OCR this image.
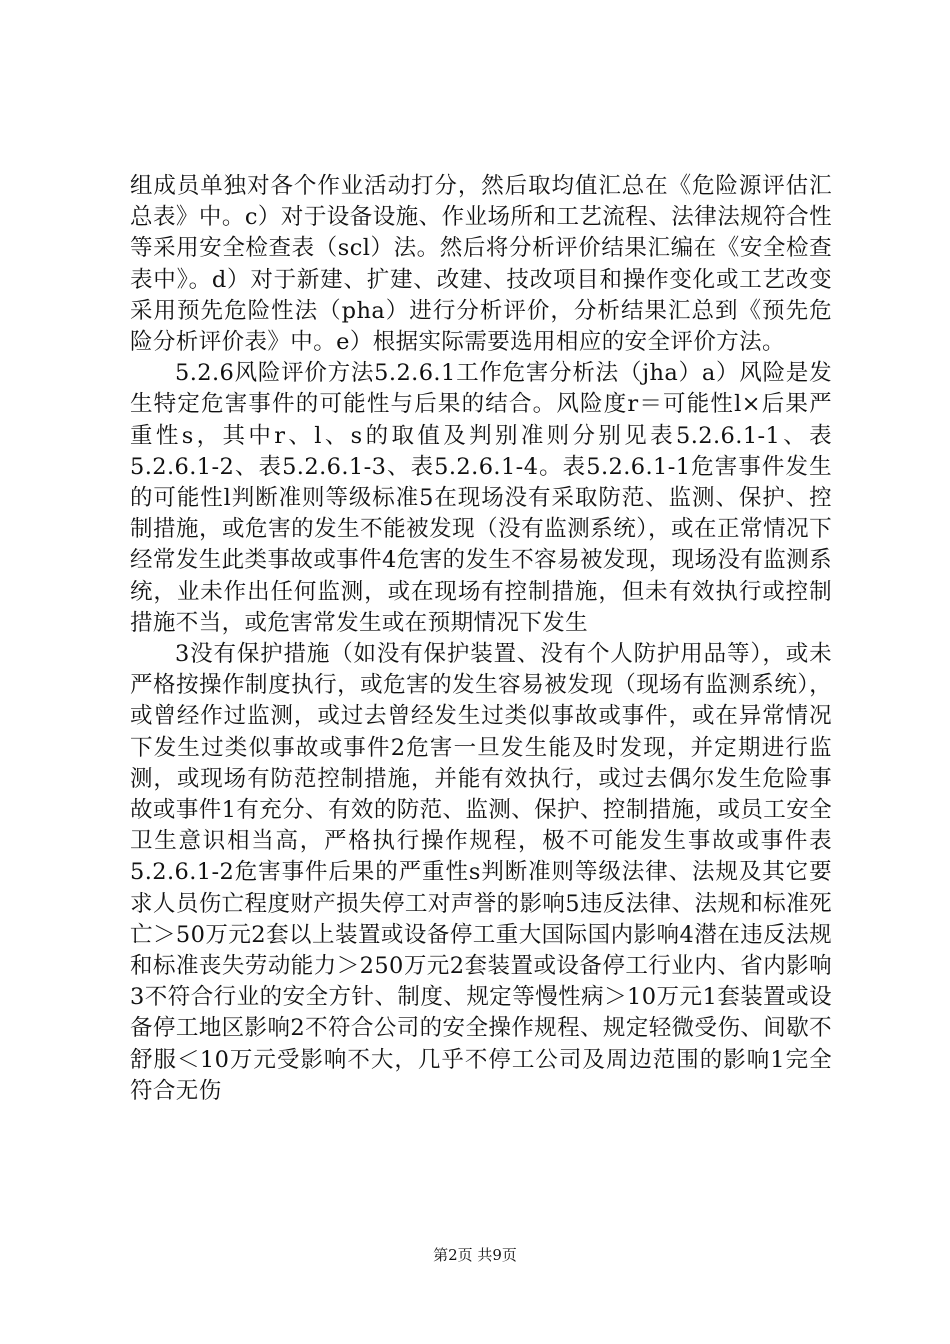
组成员单独对各个作业活动打分，然后取均值汇总在《危险源评估汇总表》中。c）对于设备设施、作业场所和工艺流程、法律法规符合性等采用安全检查表（scl）法。然后将分析评价结果汇编在《安全检查表中》。d）对于新建、扩建、改建、技改项目和操作变化或工艺改变采用预先危险性法（pha）进行分析评价，分析结果汇总到《预先危险分析评价表》中。e）根据实际需要选用相应的安全评价方法。

5.2.6风险评价方法5.2.6.1工作危害分析法（jha）a）风险是发生特定危害事件的可能性与后果的结合。风险度r＝可能性l×后果严重性s，其中r、l、s的取值及判别准则分别见表5.2.6.1-1、表5.2.6.1-2、表5.2.6.1-3、表5.2.6.1-4。表5.2.6.1-1危害事件发生的可能性l判断准则等级标准5在现场没有采取防范、监测、保护、控制措施，或危害的发生不能被发现（没有监测系统），或在正常情况下经常发生此类事故或事件4危害的发生不容易被发现，现场没有监测系统，业未作出任何监测，或在现场有控制措施，但未有效执行或控制措施不当，或危害常发生或在预期情况下发生

3没有保护措施（如没有保护装置、没有个人防护用品等），或未严格按操作制度执行，或危害的发生容易被发现（现场有监测系统），或曾经作过监测，或过去曾经发生过类似事故或事件，或在异常情况下发生过类似事故或事件2危害一旦发生能及时发现，并定期进行监测，或现场有防范控制措施，并能有效执行，或过去偶尔发生危险事故或事件1有充分、有效的防范、监测、保护、控制措施，或员工安全卫生意识相当高，严格执行操作规程，极不可能发生事故或事件表5.2.6.1-2危害事件后果的严重性s判断准则等级法律、法规及其它要求人员伤亡程度财产损失停工对声誉的影响5违反法律、法规和标准死亡＞50万元2套以上装置或设备停工重大国际国内影响4潜在违反法规和标准丧失劳动能力＞250万元2套装置或设备停工行业内、省内影响3不符合行业的安全方针、制度、规定等慢性病＞10万元1套装置或设备停工地区影响2不符合公司的安全操作规程、规定轻微受伤、间歇不舒服＜10万元受影响不大，几乎不停工公司及周边范围的影响1完全符合无伤

第2页 共9页
